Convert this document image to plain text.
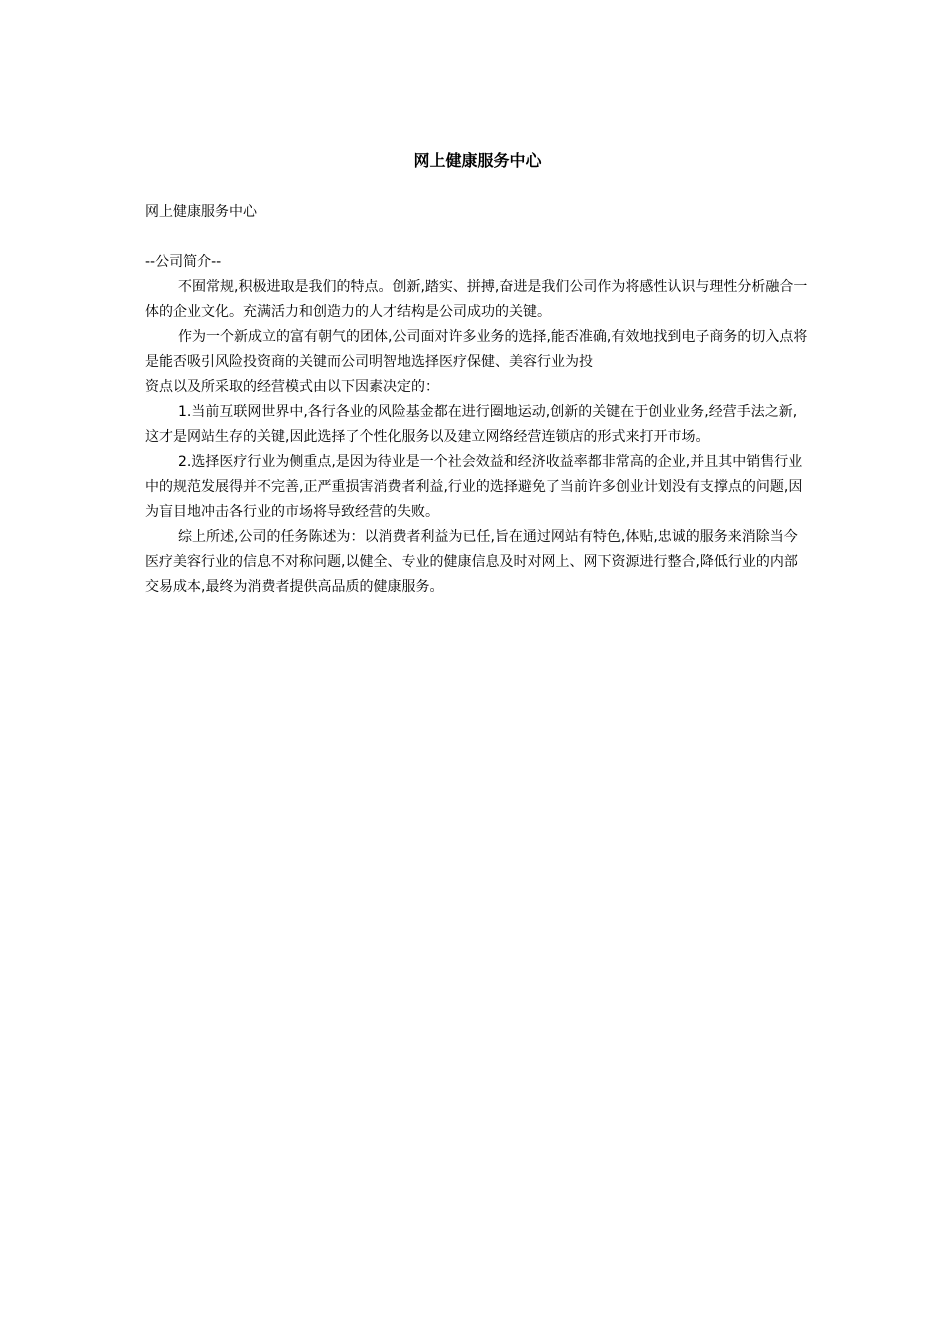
网上健康服务中心
网上健康服务中心
--公司简介--

不囿常规,积极进取是我们的特点。创新,踏实、拼搏,奋进是我们公司作为将感性认识与理性分析融合一体的企业文化。充满活力和创造力的人才结构是公司成功的关键。

作为一个新成立的富有朝气的团体,公司面对许多业务的选择,能否准确,有效地找到电子商务的切入点将是能否吸引风险投资商的关键而公司明智地选择医疗保健、美容行业为投

资点以及所采取的经营模式由以下因素决定的：

1.当前互联网世界中,各行各业的风险基金都在进行圈地运动,创新的关键在于创业业务,经营手法之新,这才是网站生存的关键,因此选择了个性化服务以及建立网络经营连锁店的形式来打开市场。

2.选择医疗行业为侧重点,是因为待业是一个社会效益和经济收益率都非常高的企业,并且其中销售行业中的规范发展得并不完善,正严重损害消费者利益,行业的选择避免了当前许多创业计划没有支撑点的问题,因为盲目地冲击各行业的市场将导致经营的失败。

综上所述,公司的任务陈述为：以消费者利益为已任,旨在通过网站有特色,体贴,忠诚的服务来消除当今医疗美容行业的信息不对称问题,以健全、专业的健康信息及时对网上、网下资源进行整合,降低行业的内部交易成本,最终为消费者提供高品质的健康服务。
